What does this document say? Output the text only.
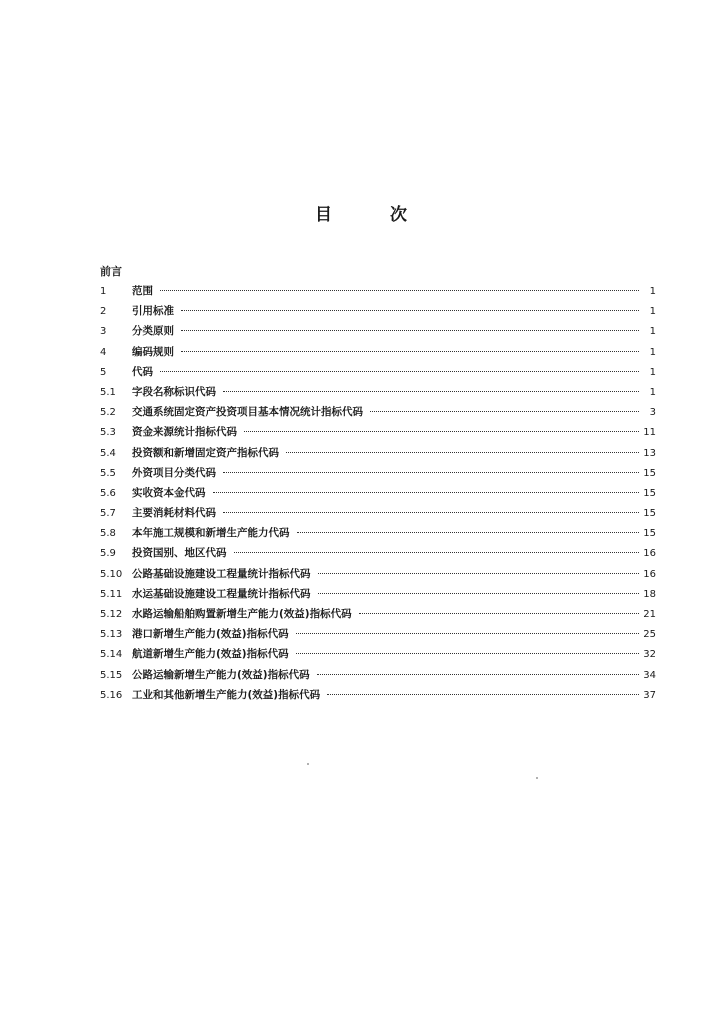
目 次
前言
1	范围	1
2	引用标准	1
3	分类原则	1
4	编码规则	1
5	代码	1
5.1	字段名称标识代码	1
5.2	交通系统固定资产投资项目基本情况统计指标代码	3
5.3	资金来源统计指标代码	11
5.4	投资额和新增固定资产指标代码	13
5.5	外资项目分类代码	15
5.6	实收资本金代码	15
5.7	主要消耗材料代码	15
5.8	本年施工规模和新增生产能力代码	15
5.9	投资国别、地区代码	16
5.10 公路基础设施建设工程量统计指标代码	16
5.11 水运基础设施建设工程量统计指标代码	18
5.12 水路运输船舶购置新增生产能力(效益)指标代码	21
5.13 港口新增生产能力(效益)指标代码	25
5.14 航道新增生产能力(效益)指标代码	32
5.15 公路运输新增生产能力(效益)指标代码	34
5.16 工业和其他新增生产能力(效益)指标代码	37
